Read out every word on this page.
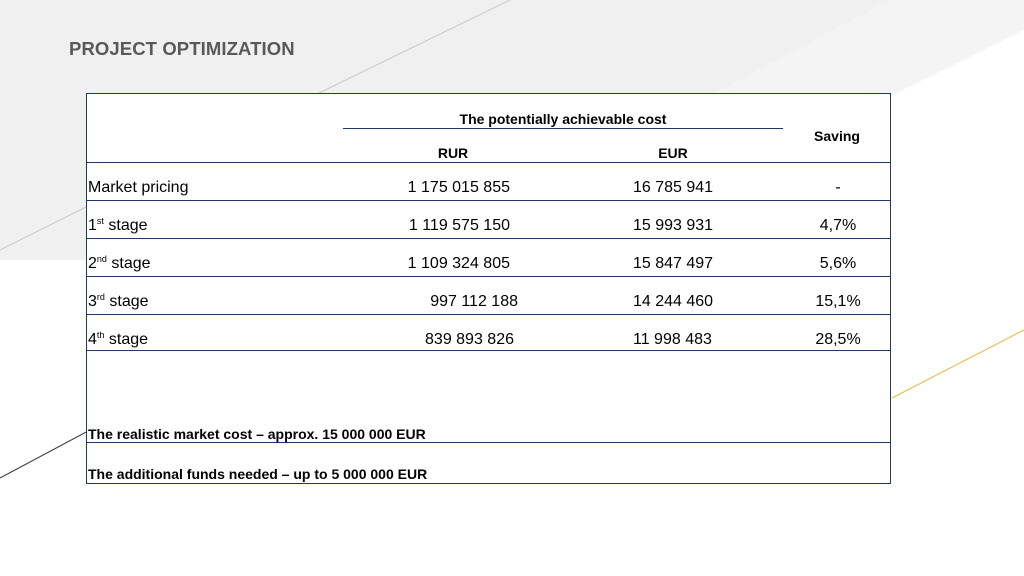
PROJECT OPTIMIZATION
The potentially achievable cost
RUR	EUR
Saving
Market pricing	1 175 015 855	16 785 941	-
1st stage	1 119 575 150	15 993 931	4,7%
2nd stage	1 109 324 805	15 847 497	5,6%
3rd stage	997 112 188	14 244 460	15,1%
4th stage	839 893 826	11 998 483	28,5%
The realistic market cost – approx. 15 000 000 EUR
The additional funds needed – up to 5 000 000 EUR
